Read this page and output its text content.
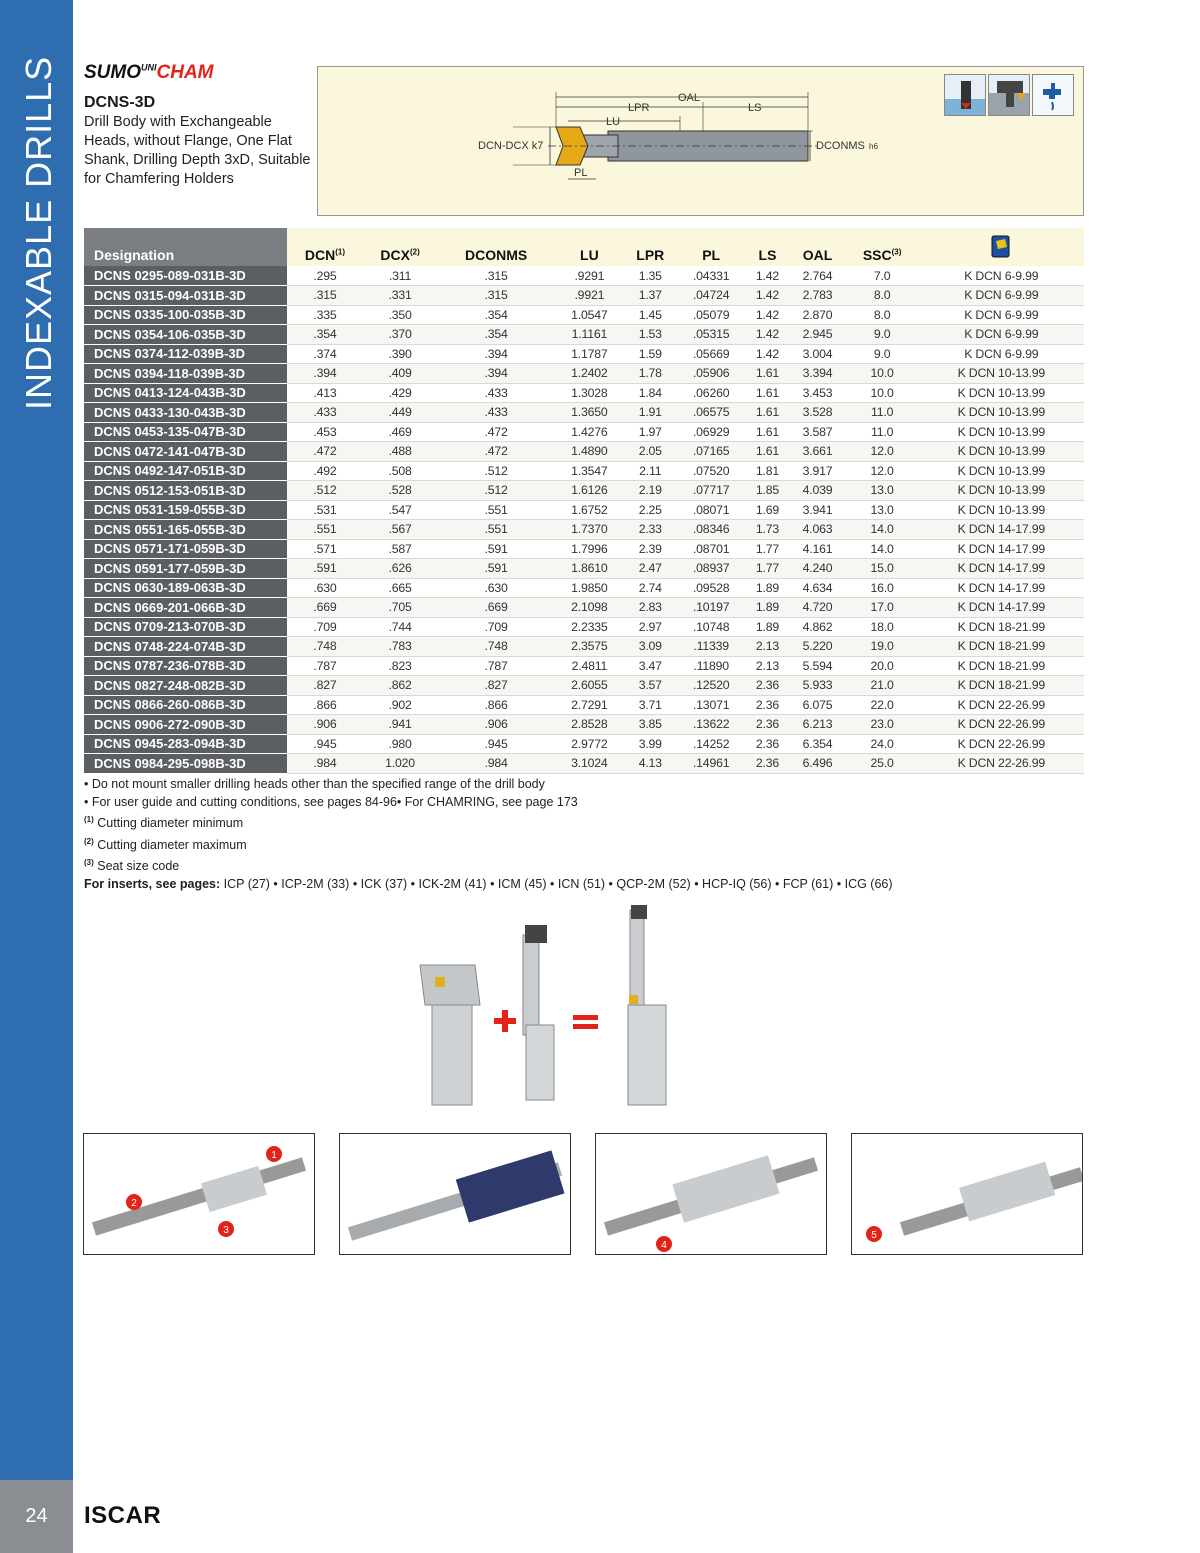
INDEXABLE DRILLS
24	ISCAR
$SUMO^{UNI}CHAM$
DCNS-3D
Drill Body with Exchangeable Heads, without Flange, One Flat Shank, Drilling Depth 3xD, Suitable for Chamfering Holders
OAL
LPR	LS
LU
DCN-DCX k7	DCONMS h6
PL
Designation	DCN$^{(1)}$	DCX$^{(2)}$	DCONMS	LU	LPR	PL	LS	OAL	SSC$^{(3)}$	
DCNS 0295-089-031B-3D	.295	.311	.315	.9291	1.35	.04331	1.42	2.764	7.0	K DCN 6-9.99
DCNS 0315-094-031B-3D	.315	.331	.315	.9921	1.37	.04724	1.42	2.783	8.0	K DCN 6-9.99
DCNS 0335-100-035B-3D	.335	.350	.354	1.0547	1.45	.05079	1.42	2.870	8.0	K DCN 6-9.99
DCNS 0354-106-035B-3D	.354	.370	.354	1.1161	1.53	.05315	1.42	2.945	9.0	K DCN 6-9.99
DCNS 0374-112-039B-3D	.374	.390	.394	1.1787	1.59	.05669	1.42	3.004	9.0	K DCN 6-9.99
DCNS 0394-118-039B-3D	.394	.409	.394	1.2402	1.78	.05906	1.61	3.394	10.0	K DCN 10-13.99
DCNS 0413-124-043B-3D	.413	.429	.433	1.3028	1.84	.06260	1.61	3.453	10.0	K DCN 10-13.99
DCNS 0433-130-043B-3D	.433	.449	.433	1.3650	1.91	.06575	1.61	3.528	11.0	K DCN 10-13.99
DCNS 0453-135-047B-3D	.453	.469	.472	1.4276	1.97	.06929	1.61	3.587	11.0	K DCN 10-13.99
DCNS 0472-141-047B-3D	.472	.488	.472	1.4890	2.05	.07165	1.61	3.661	12.0	K DCN 10-13.99
DCNS 0492-147-051B-3D	.492	.508	.512	1.3547	2.11	.07520	1.81	3.917	12.0	K DCN 10-13.99
DCNS 0512-153-051B-3D	.512	.528	.512	1.6126	2.19	.07717	1.85	4.039	13.0	K DCN 10-13.99
DCNS 0531-159-055B-3D	.531	.547	.551	1.6752	2.25	.08071	1.69	3.941	13.0	K DCN 10-13.99
DCNS 0551-165-055B-3D	.551	.567	.551	1.7370	2.33	.08346	1.73	4.063	14.0	K DCN 14-17.99
DCNS 0571-171-059B-3D	.571	.587	.591	1.7996	2.39	.08701	1.77	4.161	14.0	K DCN 14-17.99
DCNS 0591-177-059B-3D	.591	.626	.591	1.8610	2.47	.08937	1.77	4.240	15.0	K DCN 14-17.99
DCNS 0630-189-063B-3D	.630	.665	.630	1.9850	2.74	.09528	1.89	4.634	16.0	K DCN 14-17.99
DCNS 0669-201-066B-3D	.669	.705	.669	2.1098	2.83	.10197	1.89	4.720	17.0	K DCN 14-17.99
DCNS 0709-213-070B-3D	.709	.744	.709	2.2335	2.97	.10748	1.89	4.862	18.0	K DCN 18-21.99
DCNS 0748-224-074B-3D	.748	.783	.748	2.3575	3.09	.11339	2.13	5.220	19.0	K DCN 18-21.99
DCNS 0787-236-078B-3D	.787	.823	.787	2.4811	3.47	.11890	2.13	5.594	20.0	K DCN 18-21.99
DCNS 0827-248-082B-3D	.827	.862	.827	2.6055	3.57	.12520	2.36	5.933	21.0	K DCN 18-21.99
DCNS 0866-260-086B-3D	.866	.902	.866	2.7291	3.71	.13071	2.36	6.075	22.0	K DCN 22-26.99
DCNS 0906-272-090B-3D	.906	.941	.906	2.8528	3.85	.13622	2.36	6.213	23.0	K DCN 22-26.99
DCNS 0945-283-094B-3D	.945	.980	.945	2.9772	3.99	.14252	2.36	6.354	24.0	K DCN 22-26.99
DCNS 0984-295-098B-3D	.984	1.020	.984	3.1024	4.13	.14961	2.36	6.496	25.0	K DCN 22-26.99
• Do not mount smaller drilling heads other than the specified range of the drill body
• For user guide and cutting conditions, see pages 84-96• For CHAMRING, see page 173
$^{(1)}$ Cutting diameter minimum
$^{(2)}$ Cutting diameter maximum
$^{(3)}$ Seat size code
For inserts, see pages: ICP (27) • ICP-2M (33) • ICK (37) • ICK-2M (41) • ICM (45) • ICN (51) • QCP-2M (52) • HCP-IQ (56) • FCP (61) • ICG (66)
1
2
3
4
5
